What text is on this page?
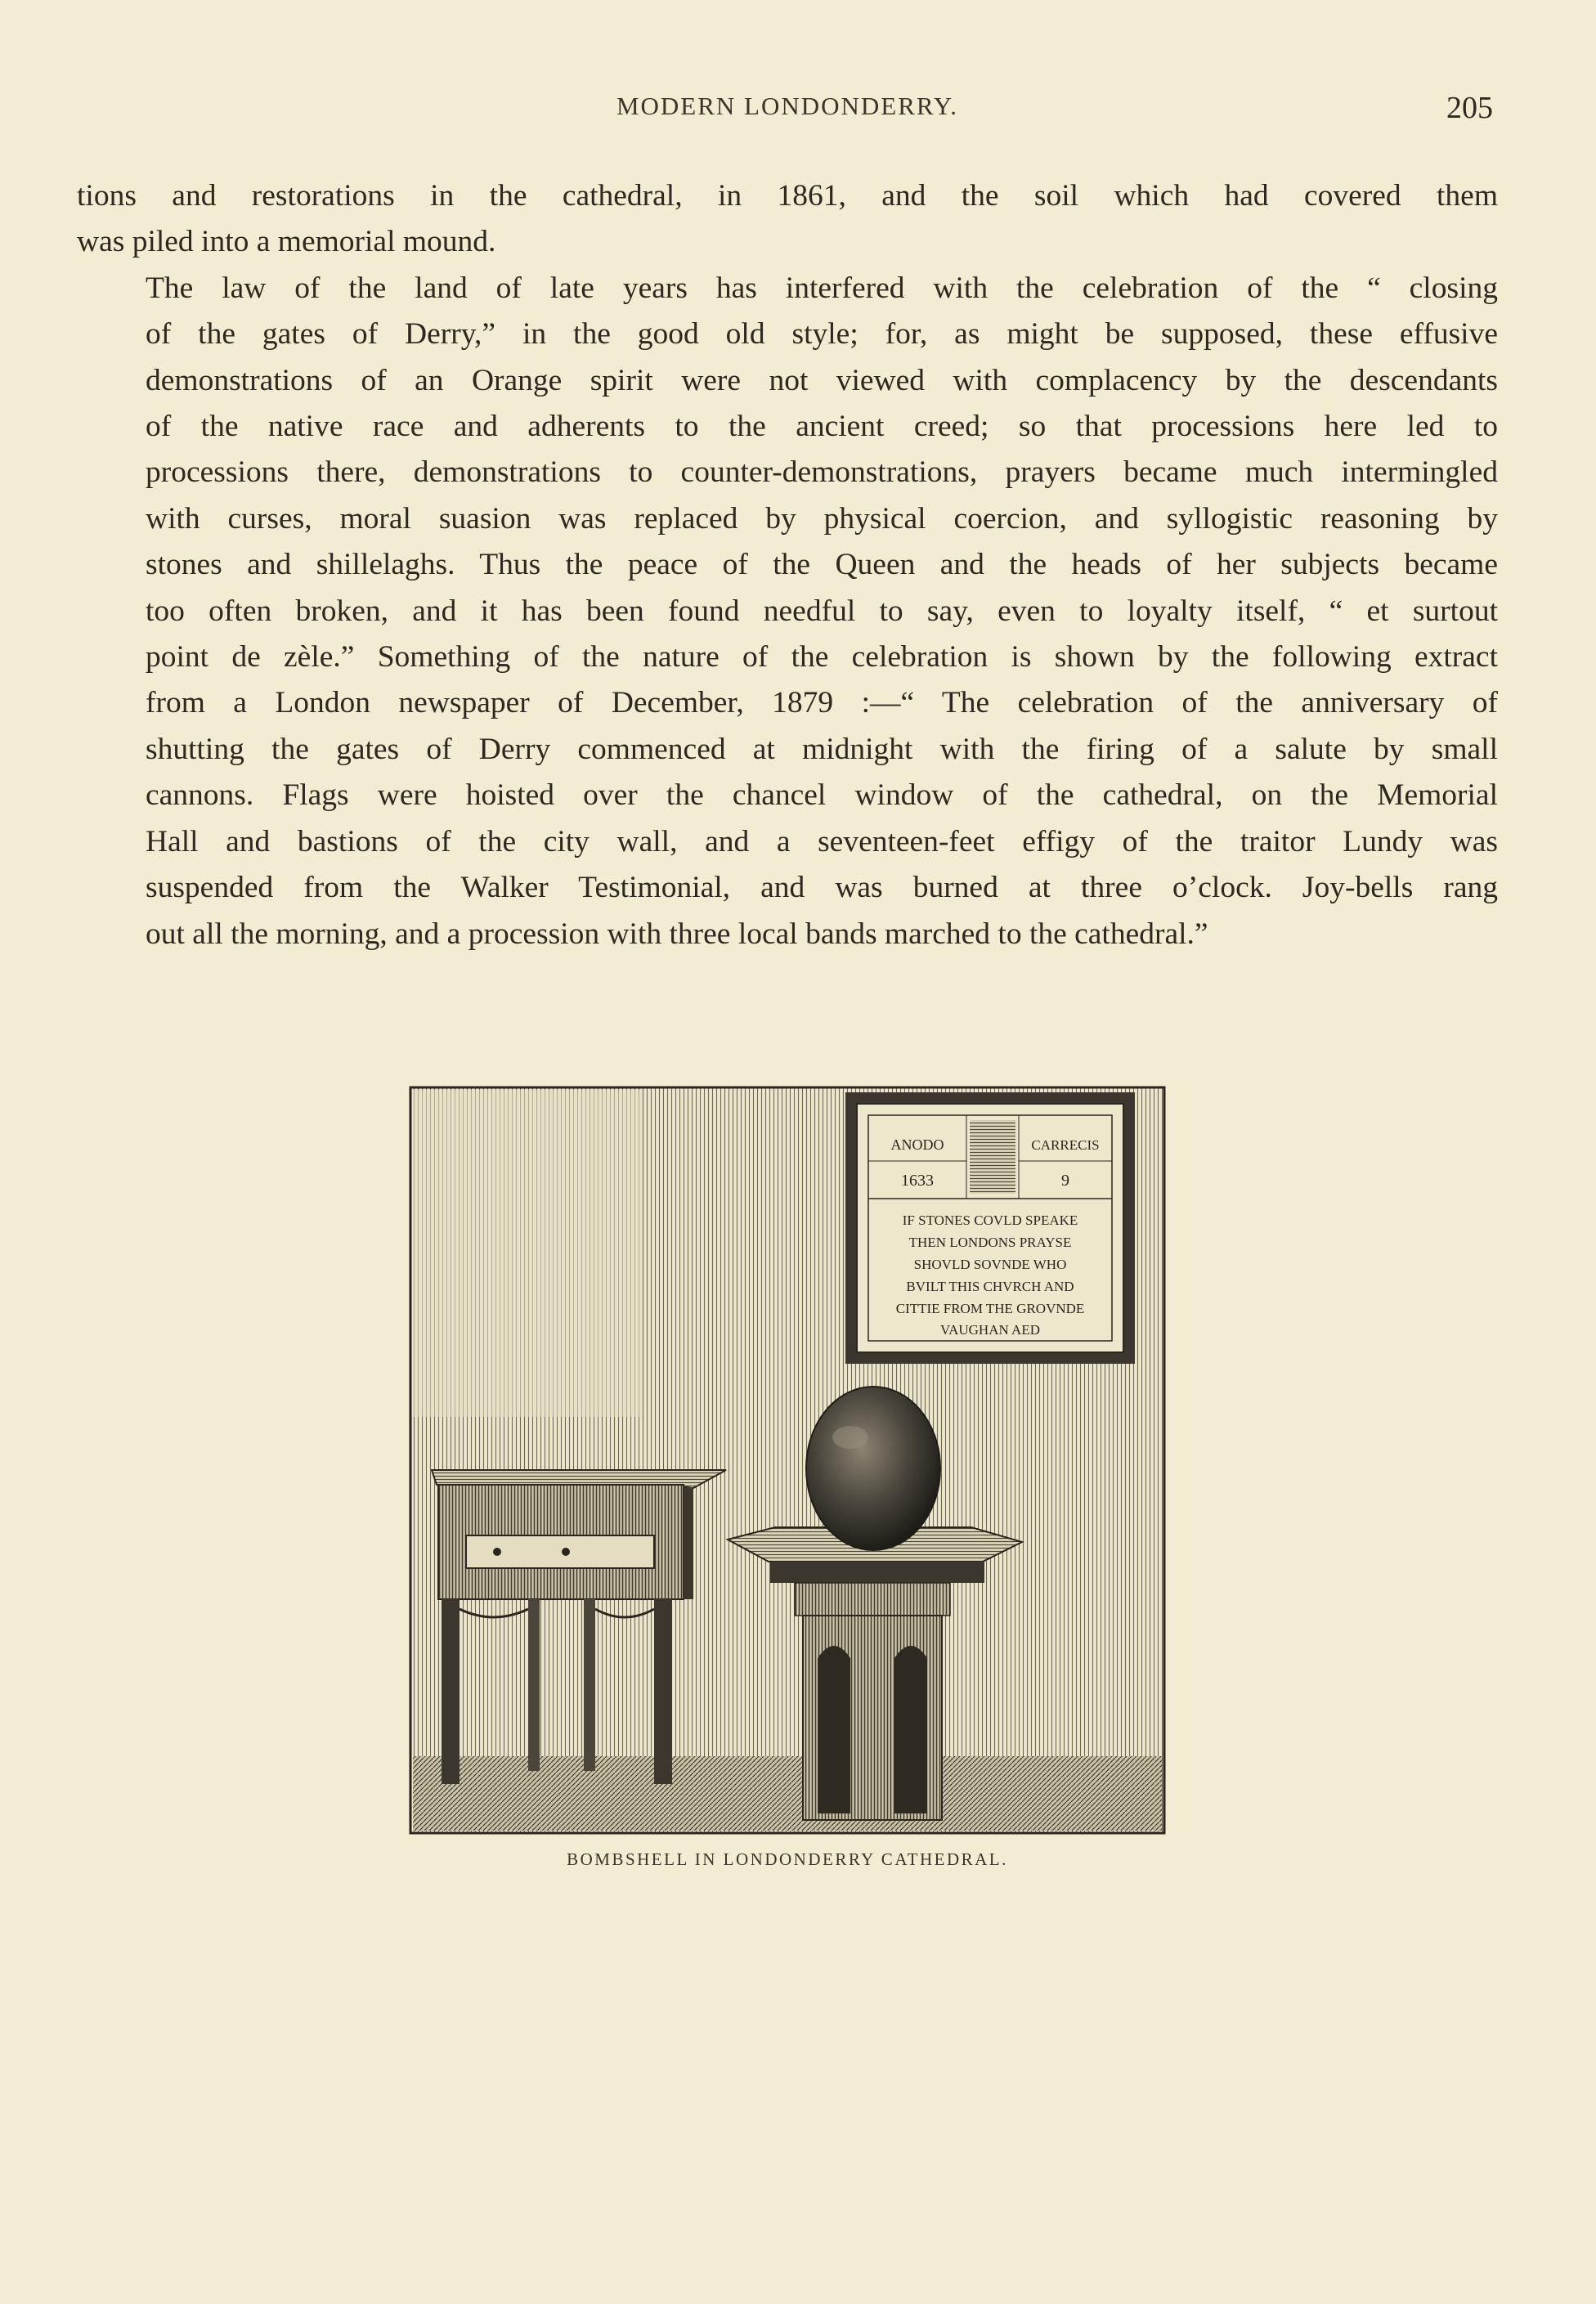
MODERN LONDONDERRY.	205

tions and restorations in the cathedral, in 1861, and the soil which had covered them
was piled into a memorial mound.

The law of the land of late years has interfered with the celebration of the “ closing
of the gates of Derry,” in the good old style; for, as might be supposed, these effusive
demonstrations of an Orange spirit were not viewed with complacency by the descendants
of the native race and adherents to the ancient creed; so that processions here led to
processions there, demonstrations to counter-demonstrations, prayers became much intermingled
with curses, moral suasion was replaced by physical coercion, and syllogistic reasoning by
stones and shillelaghs. Thus the peace of the Queen and the heads of her subjects became
too often broken, and it has been found needful to say, even to loyalty itself, “ et surtout
point de zèle.” Something of the nature of the celebration is shown by the following extract
from a London newspaper of December, 1879 :—“ The celebration of the anniversary of
shutting the gates of Derry commenced at midnight with the firing of a salute by small
cannons. Flags were hoisted over the chancel window of the cathedral, on the Memorial
Hall and bastions of the city wall, and a seventeen-feet effigy of the traitor Lundy was
suspended from the Walker Testimonial, and was burned at three o’clock. Joy-bells rang
out all the morning, and a procession with three local bands marched to the cathedral.”

ANODO	CARRECIS
1633	9
IF STONES COVLD SPEAKE
THEN LONDONS PRAYSE
SHOVLD SOVNDE WHO
BVILT THIS CHVRCH AND
CITTIE FROM THE GROVNDE
VAUGHAN AED
BOMBSHELL IN LONDONDERRY CATHEDRAL.
